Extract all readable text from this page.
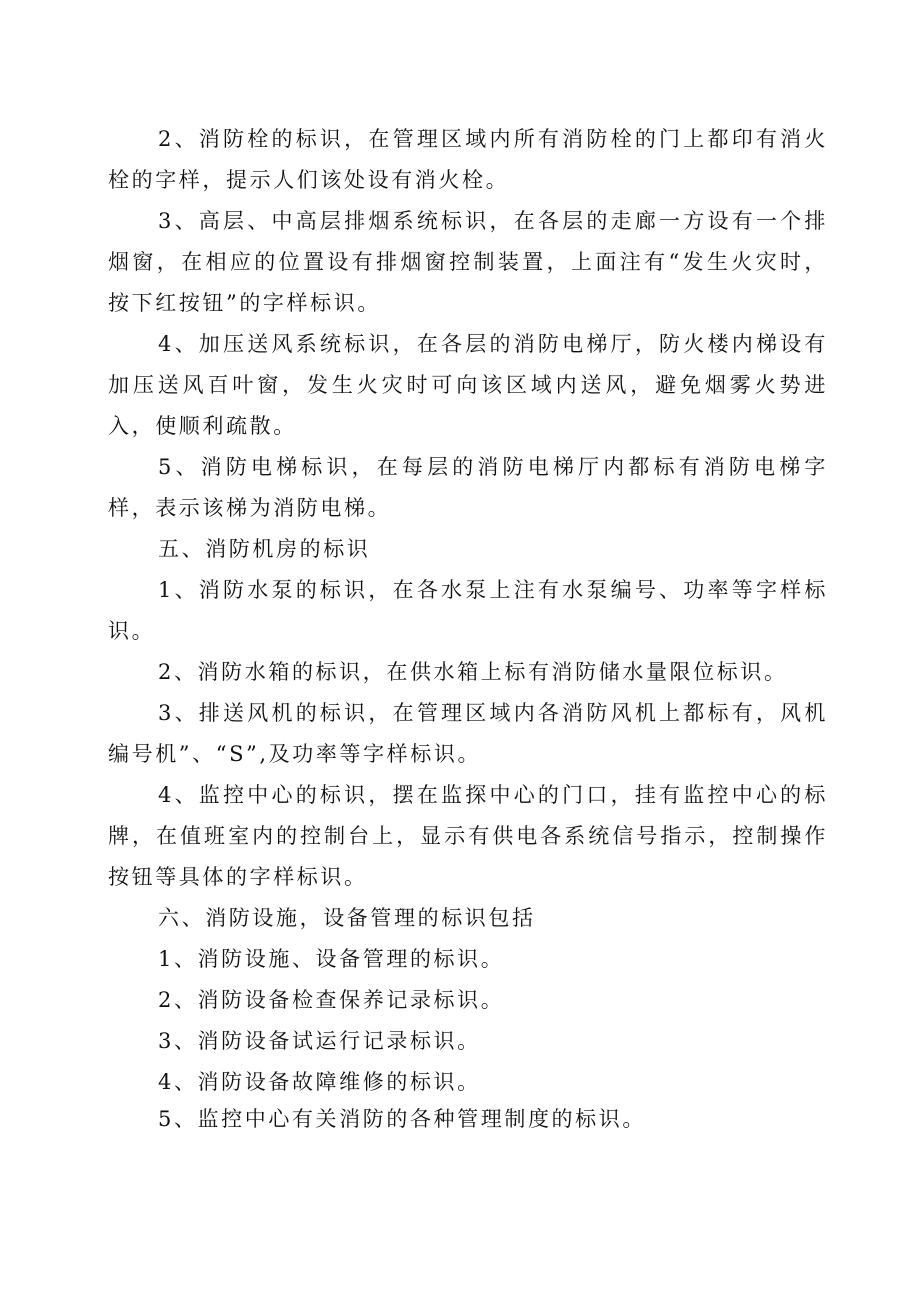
2、消防栓的标识，在管理区域内所有消防栓的门上都印有消火栓的字样，提示人们该处设有消火栓。

3、高层、中高层排烟系统标识，在各层的走廊一方设有一个排烟窗，在相应的位置设有排烟窗控制装置，上面注有“发生火灾时，按下红按钮”的字样标识。

4、加压送风系统标识，在各层的消防电梯厅，防火楼内梯设有加压送风百叶窗，发生火灾时可向该区域内送风，避免烟雾火势进入，使顺利疏散。

5、消防电梯标识，在每层的消防电梯厅内都标有消防电梯字样，表示该梯为消防电梯。

五、消防机房的标识

1、消防水泵的标识，在各水泵上注有水泵编号、功率等字样标识。

2、消防水箱的标识，在供水箱上标有消防储水量限位标识。

3、排送风机的标识，在管理区域内各消防风机上都标有，风机编号机”、“S”,及功率等字样标识。

4、监控中心的标识，摆在监探中心的门口，挂有监控中心的标牌，在值班室内的控制台上，显示有供电各系统信号指示，控制操作按钮等具体的字样标识。

六、消防设施，设备管理的标识包括

1、消防设施、设备管理的标识。

2、消防设备检查保养记录标识。

3、消防设备试运行记录标识。

4、消防设备故障维修的标识。

5、监控中心有关消防的各种管理制度的标识。
